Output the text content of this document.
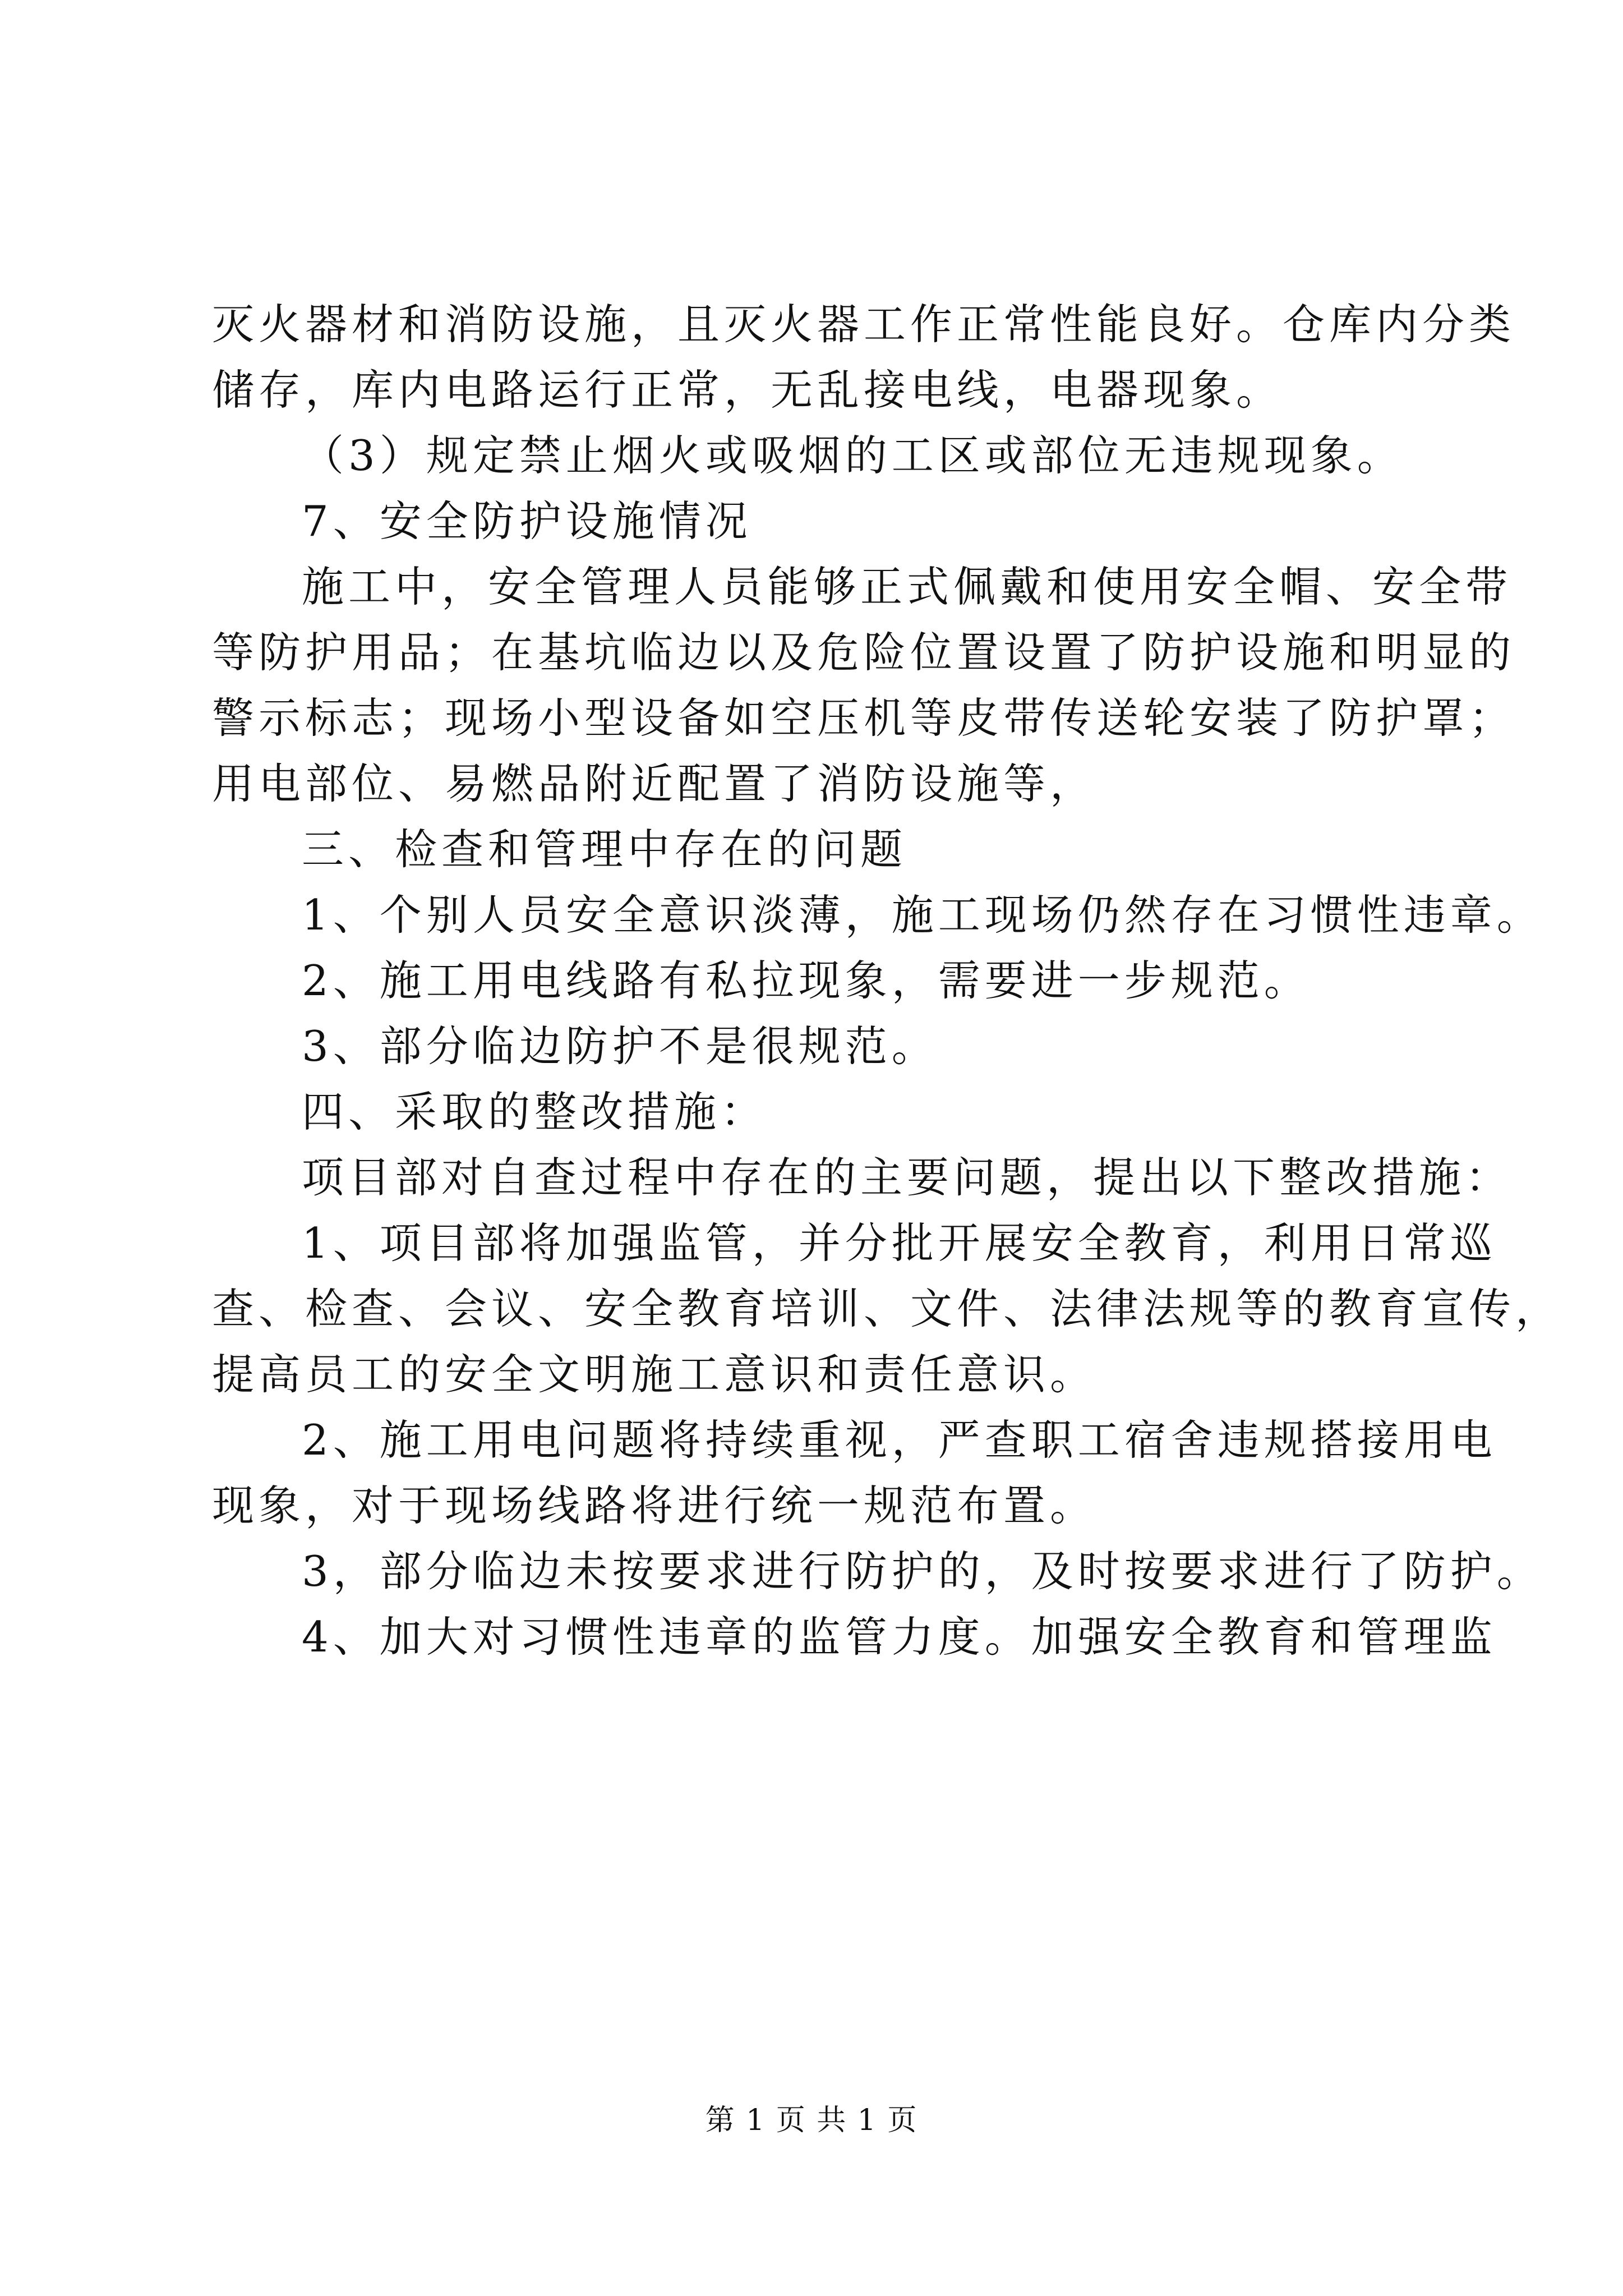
灭火器材和消防设施，且灭火器工作正常性能良好。仓库内分类

储存，库内电路运行正常，无乱接电线，电器现象。

（3）规定禁止烟火或吸烟的工区或部位无违规现象。

7、安全防护设施情况

施工中，安全管理人员能够正式佩戴和使用安全帽、安全带

等防护用品；在基坑临边以及危险位置设置了防护设施和明显的

警示标志；现场小型设备如空压机等皮带传送轮安装了防护罩；

用电部位、易燃品附近配置了消防设施等，

三、检查和管理中存在的问题

1、个别人员安全意识淡薄，施工现场仍然存在习惯性违章。

2、施工用电线路有私拉现象，需要进一步规范。

3、部分临边防护不是很规范。

四、采取的整改措施：

项目部对自查过程中存在的主要问题，提出以下整改措施：

1、项目部将加强监管，并分批开展安全教育，利用日常巡

查、检查、会议、安全教育培训、文件、法律法规等的教育宣传，

提高员工的安全文明施工意识和责任意识。

2、施工用电问题将持续重视，严查职工宿舍违规搭接用电

现象，对于现场线路将进行统一规范布置。

3，部分临边未按要求进行防护的，及时按要求进行了防护。

4、加大对习惯性违章的监管力度。加强安全教育和管理监

第 1 页 共 1 页
